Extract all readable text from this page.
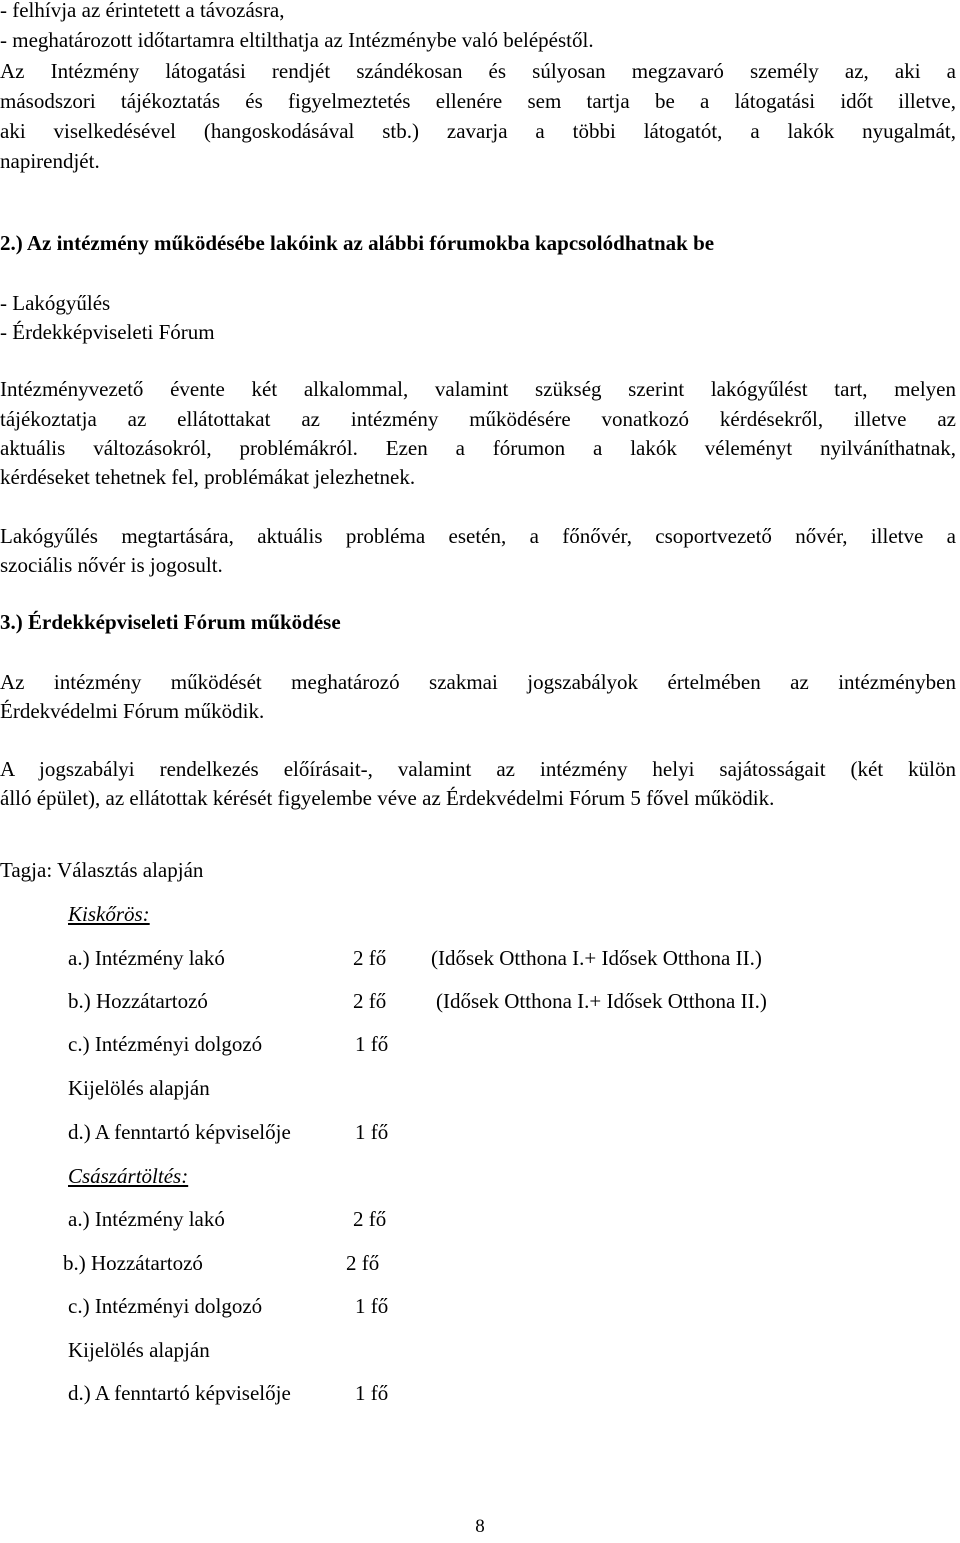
- felhívja az érintetett a távozásra,
- meghatározott időtartamra eltilthatja az Intézménybe való belépéstől.
Az Intézmény látogatási rendjét szándékosan és súlyosan megzavaró személy az, aki a
másodszori tájékoztatás és figyelmeztetés ellenére sem tartja be a látogatási időt illetve,
aki viselkedésével (hangoskodásával stb.) zavarja a többi látogatót, a lakók nyugalmát,
napirendjét.
2.) Az intézmény működésébe lakóink az alábbi fórumokba kapcsolódhatnak be
- Lakógyűlés
- Érdekképviseleti Fórum
Intézményvezető évente két alkalommal, valamint szükség szerint lakógyűlést tart, melyen
tájékoztatja az ellátottakat az intézmény működésére vonatkozó kérdésekről, illetve az
aktuális változásokról, problémákról. Ezen a fórumon a lakók véleményt nyilváníthatnak,
kérdéseket tehetnek fel, problémákat jelezhetnek.
Lakógyűlés megtartására, aktuális probléma esetén, a főnővér, csoportvezető nővér, illetve a
szociális nővér is jogosult.
3.) Érdekképviseleti Fórum működése
Az intézmény működését meghatározó szakmai jogszabályok értelmében az intézményben
Érdekvédelmi Fórum működik.
A jogszabályi rendelkezés előírásait-, valamint az intézmény helyi sajátosságait (két külön
álló épület), az ellátottak kérését figyelembe véve az Érdekvédelmi Fórum 5 fővel működik.
Tagja: Választás alapján
Kiskőrös:
a.) Intézmény lakó	2 fő (Idősek Otthona I.+ Idősek Otthona II.)
b.) Hozzátartozó	2 fő (Idősek Otthona I.+ Idősek Otthona II.)
c.) Intézményi dolgozó	1 fő
Kijelölés alapján
d.) A fenntartó képviselője	1 fő
Császártöltés:
a.) Intézmény lakó	2 fő
b.) Hozzátartozó	2 fő
c.) Intézményi dolgozó	1 fő
Kijelölés alapján
d.) A fenntartó képviselője	1 fő
8
